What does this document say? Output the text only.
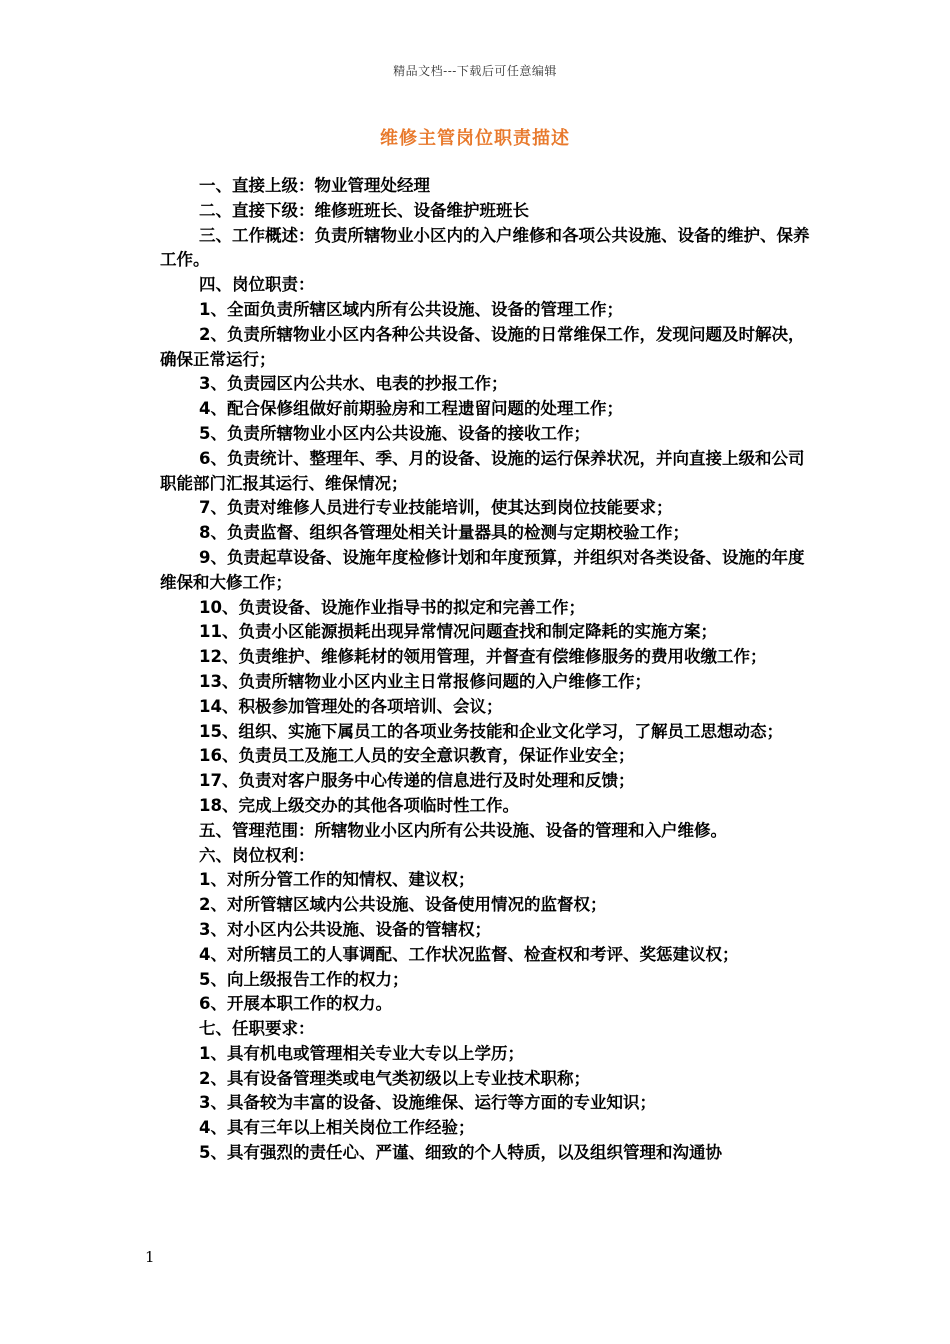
精品文档---下载后可任意编辑
维修主管岗位职责描述

一、直接上级：物业管理处经理

二、直接下级：维修班班长、设备维护班班长

三、工作概述：负责所辖物业小区内的入户维修和各项公共设施、设备的维护、保养工作。

四、岗位职责：

1、全面负责所辖区域内所有公共设施、设备的管理工作；

2、负责所辖物业小区内各种公共设备、设施的日常维保工作，发现问题及时解决，确保正常运行；

3、负责园区内公共水、电表的抄报工作；

4、配合保修组做好前期验房和工程遗留问题的处理工作；

5、负责所辖物业小区内公共设施、设备的接收工作；

6、负责统计、整理年、季、月的设备、设施的运行保养状况，并向直接上级和公司职能部门汇报其运行、维保情况；

7、负责对维修人员进行专业技能培训，使其达到岗位技能要求；

8、负责监督、组织各管理处相关计量器具的检测与定期校验工作；

9、负责起草设备、设施年度检修计划和年度预算，并组织对各类设备、设施的年度维保和大修工作；

10、负责设备、设施作业指导书的拟定和完善工作；

11、负责小区能源损耗出现异常情况问题查找和制定降耗的实施方案；

12、负责维护、维修耗材的领用管理，并督查有偿维修服务的费用收缴工作；

13、负责所辖物业小区内业主日常报修问题的入户维修工作；

14、积极参加管理处的各项培训、会议；

15、组织、实施下属员工的各项业务技能和企业文化学习，了解员工思想动态；

16、负责员工及施工人员的安全意识教育，保证作业安全；

17、负责对客户服务中心传递的信息进行及时处理和反馈；

18、完成上级交办的其他各项临时性工作。

五、管理范围：所辖物业小区内所有公共设施、设备的管理和入户维修。

六、岗位权利：

1、对所分管工作的知情权、建议权；

2、对所管辖区域内公共设施、设备使用情况的监督权；

3、对小区内公共设施、设备的管辖权；

4、对所辖员工的人事调配、工作状况监督、检查权和考评、奖惩建议权；

5、向上级报告工作的权力；

6、开展本职工作的权力。

七、任职要求：

1、具有机电或管理相关专业大专以上学历；

2、具有设备管理类或电气类初级以上专业技术职称；

3、具备较为丰富的设备、设施维保、运行等方面的专业知识；

4、具有三年以上相关岗位工作经验；

5、具有强烈的责任心、严谨、细致的个人特质，以及组织管理和沟通协

1
